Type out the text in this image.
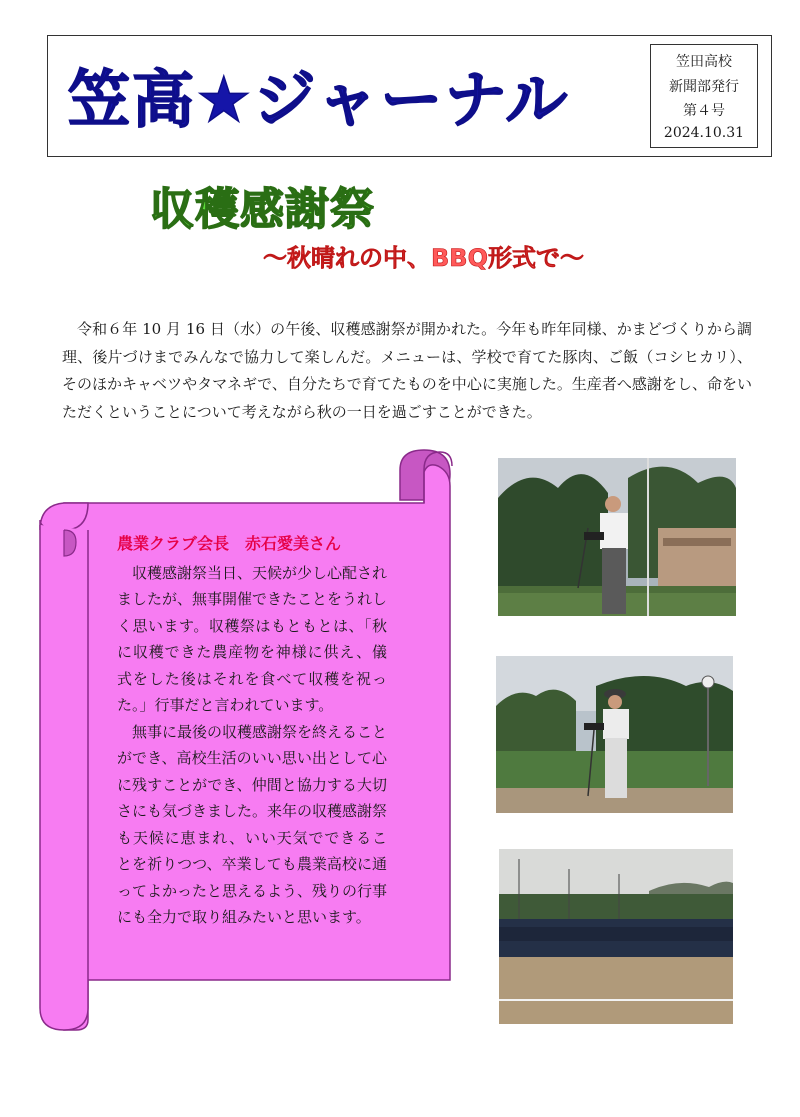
笠高★ジャーナル
笠田高校
新聞部発行
第４号
2024.10.31
収穫感謝祭
～秋晴れの中、BBQ形式で～
令和６年 10 月 16 日（水）の午後、収穫感謝祭が開かれた。今年も昨年同様、かまどづくりから調理、後片づけまでみんなで協力して楽しんだ。メニューは、学校で育てた豚肉、ご飯（コシヒカリ）、そのほかキャベツやタマネギで、自分たちで育てたものを中心に実施した。生産者へ感謝をし、命をいただくということについて考えながら秋の一日を過ごすことができた。
農業クラブ会長　赤石愛美さん

収穫感謝祭当日、天候が少し心配されましたが、無事開催できたことをうれしく思います。収穫祭はもともとは、「秋に収穫できた農産物を神様に供え、儀式をした後はそれを食べて収穫を祝った。」行事だと言われています。

無事に最後の収穫感謝祭を終えることができ、高校生活のいい思い出として心に残すことができ、仲間と協力する大切さにも気づきました。来年の収穫感謝祭も天候に恵まれ、いい天気でできることを祈りつつ、卒業しても農業高校に通ってよかったと思えるよう、残りの行事にも全力で取り組みたいと思います。
